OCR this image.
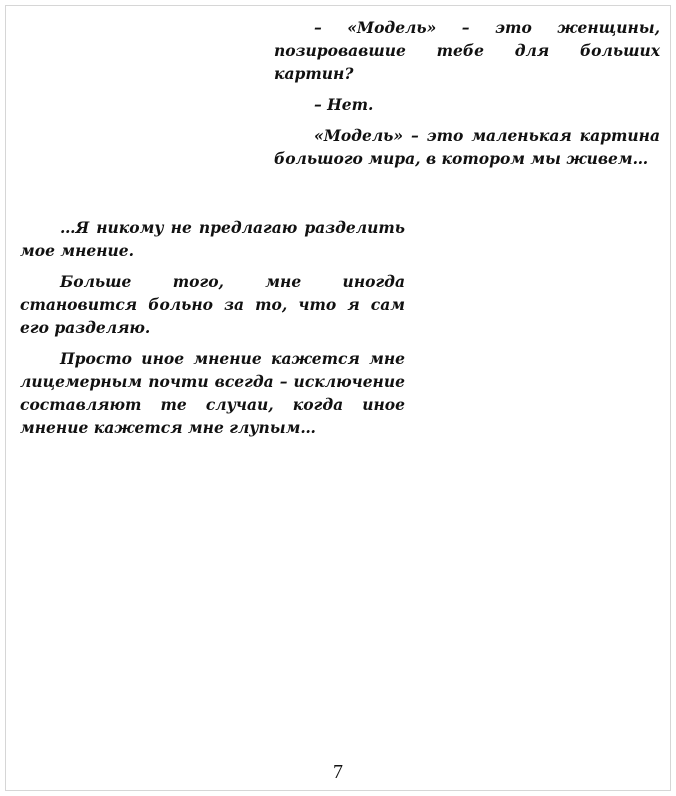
– «Модель» – это женщины, позировавшие тебе для больших картин?

– Нет.

«Модель» – это маленькая картина большого мира, в котором мы живем…

…Я никому не предлагаю разделить мое мнение.

Больше того, мне иногда становится больно за то, что я сам его разделяю.

Просто иное мнение кажется мне лицемерным почти всегда – исключение составляют те случаи, когда иное мнение кажется мне глупым…

7
